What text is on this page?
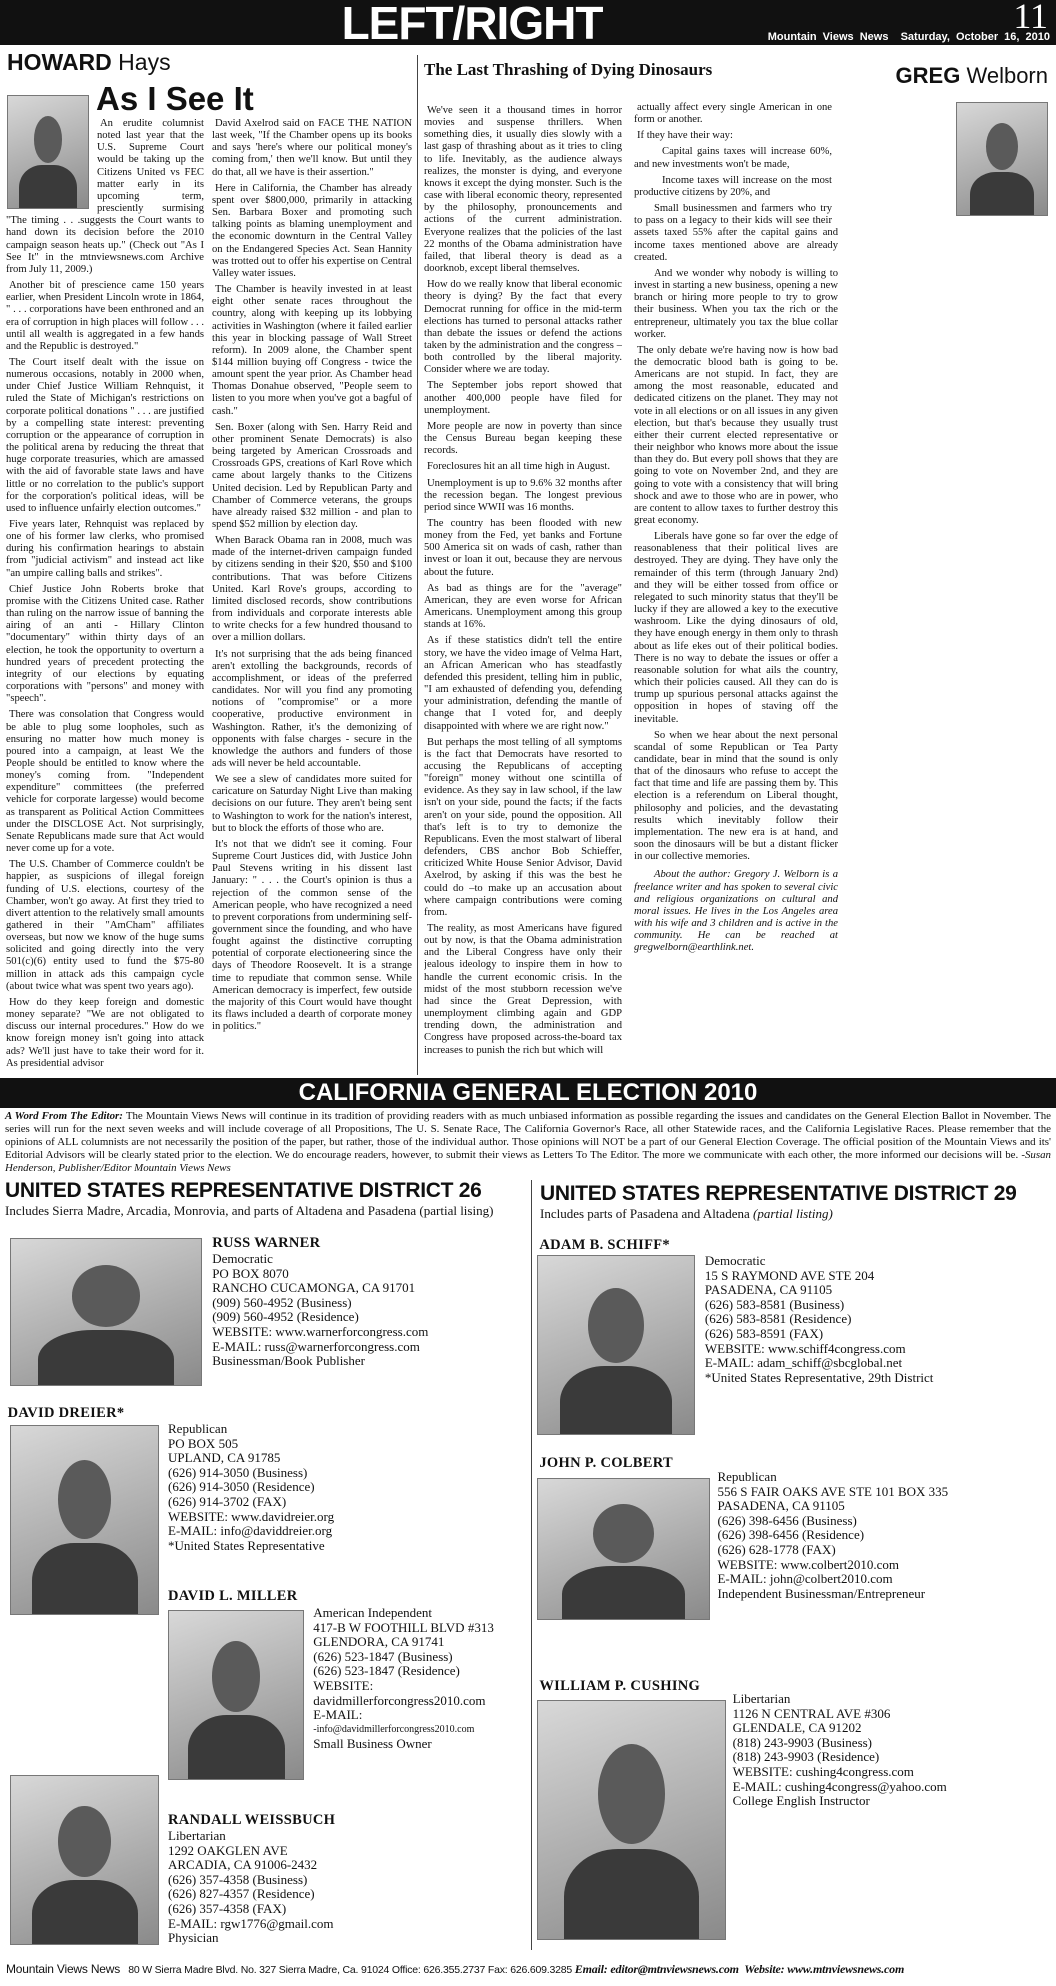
LEFT/RIGHT	11
Mountain Views News Saturday, October 16, 2010
HOWARD Hays
As I See It

An erudite columnist noted last year that the U.S. Supreme Court would be taking up the Citizens United vs FEC matter early in its upcoming term, presciently surmising "The timing . . .suggests the Court wants to hand down its decision before the 2010 campaign season heats up." (Check out "As I See It" in the mtnviewsnews.com Archive from July 11, 2009.)

Another bit of prescience came 150 years earlier, when President Lincoln wrote in 1864, " . . . corporations have been enthroned and an era of corruption in high places will follow . . . until all wealth is aggregated in a few hands and the Republic is destroyed."

The Court itself dealt with the issue on numerous occasions, notably in 2000 when, under Chief Justice William Rehnquist, it ruled the State of Michigan's restrictions on corporate political donations " . . . are justified by a compelling state interest: preventing corruption or the appearance of corruption in the political arena by reducing the threat that huge corporate treasuries, which are amassed with the aid of favorable state laws and have little or no correlation to the public's support for the corporation's political ideas, will be used to influence unfairly election outcomes."

Five years later, Rehnquist was replaced by one of his former law clerks, who promised during his confirmation hearings to abstain from "judicial activism" and instead act like "an umpire calling balls and strikes".

Chief Justice John Roberts broke that promise with the Citizens United case. Rather than ruling on the narrow issue of banning the airing of an anti - Hillary Clinton "documentary" within thirty days of an election, he took the opportunity to overturn a hundred years of precedent protecting the integrity of our elections by equating corporations with "persons" and money with "speech".

There was consolation that Congress would be able to plug some loopholes, such as ensuring no matter how much money is poured into a campaign, at least We the People should be entitled to know where the money's coming from. "Independent expenditure" committees (the preferred vehicle for corporate largesse) would become as transparent as Political Action Committees under the DISCLOSE Act. Not surprisingly, Senate Republicans made sure that Act would never come up for a vote.

The U.S. Chamber of Commerce couldn't be happier, as suspicions of illegal foreign funding of U.S. elections, courtesy of the Chamber, won't go away. At first they tried to divert attention to the relatively small amounts gathered in their "AmCham" affiliates overseas, but now we know of the huge sums solicited and going directly into the very 501(c)(6) entity used to fund the $75-80 million in attack ads this campaign cycle (about twice what was spent two years ago).

How do they keep foreign and domestic money separate? "We are not obligated to discuss our internal procedures." How do we know foreign money isn't going into attack ads? We'll just have to take their word for it. As presidential advisor

David Axelrod said on FACE THE NATION last week, "If the Chamber opens up its books and says 'here's where our political money's coming from,' then we'll know. But until they do that, all we have is their assertion."

Here in California, the Chamber has already spent over $800,000, primarily in attacking Sen. Barbara Boxer and promoting such talking points as blaming unemployment and the economic downturn in the Central Valley on the Endangered Species Act. Sean Hannity was trotted out to offer his expertise on Central Valley water issues.

The Chamber is heavily invested in at least eight other senate races throughout the country, along with keeping up its lobbying activities in Washington (where it failed earlier this year in blocking passage of Wall Street reform). In 2009 alone, the Chamber spent $144 million buying off Congress - twice the amount spent the year prior. As Chamber head Thomas Donahue observed, "People seem to listen to you more when you've got a bagful of cash."

Sen. Boxer (along with Sen. Harry Reid and other prominent Senate Democrats) is also being targeted by American Crossroads and Crossroads GPS, creations of Karl Rove which came about largely thanks to the Citizens United decision. Led by Republican Party and Chamber of Commerce veterans, the groups have already raised $32 million - and plan to spend $52 million by election day.

When Barack Obama ran in 2008, much was made of the internet-driven campaign funded by citizens sending in their $20, $50 and $100 contributions. That was before Citizens United. Karl Rove's groups, according to limited disclosed records, show contributions from individuals and corporate interests able to write checks for a few hundred thousand to over a million dollars.

It's not surprising that the ads being financed aren't extolling the backgrounds, records of accomplishment, or ideas of the preferred candidates. Nor will you find any promoting notions of "compromise" or a more cooperative, productive environment in Washington. Rather, it's the demonizing of opponents with false charges - secure in the knowledge the authors and funders of those ads will never be held accountable.

We see a slew of candidates more suited for caricature on Saturday Night Live than making decisions on our future. They aren't being sent to Washington to work for the nation's interest, but to block the efforts of those who are.

It's not that we didn't see it coming. Four Supreme Court Justices did, with Justice John Paul Stevens writing in his dissent last January: " . . . the Court's opinion is thus a rejection of the common sense of the American people, who have recognized a need to prevent corporations from undermining self-government since the founding, and who have fought against the distinctive corrupting potential of corporate electioneering since the days of Theodore Roosevelt. It is a strange time to repudiate that common sense. While American democracy is imperfect, few outside the majority of this Court would have thought its flaws included a dearth of corporate money in politics."

The Last Thrashing of Dying Dinosaurs	GREG Welborn

We've seen it a thousand times in horror movies and suspense thrillers. When something dies, it usually dies slowly with a last gasp of thrashing about as it tries to cling to life. Inevitably, as the audience always realizes, the monster is dying, and everyone knows it except the dying monster. Such is the case with liberal economic theory, represented by the philosophy, pronouncements and actions of the current administration. Everyone realizes that the policies of the last 22 months of the Obama administration have failed, that liberal theory is dead as a doorknob, except liberal themselves.

How do we really know that liberal economic theory is dying? By the fact that every Democrat running for office in the mid-term elections has turned to personal attacks rather than debate the issues or defend the actions taken by the administration and the congress – both controlled by the liberal majority. Consider where we are today.

The September jobs report showed that another 400,000 people have filed for unemployment.

More people are now in poverty than since the Census Bureau began keeping these records.

Foreclosures hit an all time high in August.

Unemployment is up to 9.6% 32 months after the recession began. The longest previous period since WWII was 16 months.

The country has been flooded with new money from the Fed, yet banks and Fortune 500 America sit on wads of cash, rather than invest or loan it out, because they are nervous about the future.

As bad as things are for the "average" American, they are even worse for African Americans. Unemployment among this group stands at 16%.

As if these statistics didn't tell the entire story, we have the video image of Velma Hart, an African American who has steadfastly defended this president, telling him in public, "I am exhausted of defending you, defending your administration, defending the mantle of change that I voted for, and deeply disappointed with where we are right now."

But perhaps the most telling of all symptoms is the fact that Democrats have resorted to accusing the Republicans of accepting "foreign" money without one scintilla of evidence. As they say in law school, if the law isn't on your side, pound the facts; if the facts aren't on your side, pound the opposition. All that's left is to try to demonize the Republicans. Even the most stalwart of liberal defenders, CBS anchor Bob Schieffer, criticized White House Senior Advisor, David Axelrod, by asking if this was the best he could do –to make up an accusation about where campaign contributions were coming from.

The reality, as most Americans have figured out by now, is that the Obama administration and the Liberal Congress have only their jealous ideology to inspire them in how to handle the current economic crisis. In the midst of the most stubborn recession we've had since the Great Depression, with unemployment climbing again and GDP trending down, the administration and Congress have proposed across-the-board tax increases to punish the rich but which will

actually affect every single American in one form or another.

If they have their way:

Capital gains taxes will increase 60%, and new investments won't be made,

Income taxes will increase on the most productive citizens by 20%, and

Small businessmen and farmers who try to pass on a legacy to their kids will see their assets taxed 55% after the capital gains and income taxes mentioned above are already created.

And we wonder why nobody is willing to invest in starting a new business, opening a new branch or hiring more people to try to grow their business. When you tax the rich or the entrepreneur, ultimately you tax the blue collar worker.

The only debate we're having now is how bad the democratic blood bath is going to be. Americans are not stupid. In fact, they are among the most reasonable, educated and dedicated citizens on the planet. They may not vote in all elections or on all issues in any given election, but that's because they usually trust either their current elected representative or their neighbor who knows more about the issue than they do. But every poll shows that they are going to vote on November 2nd, and they are going to vote with a consistency that will bring shock and awe to those who are in power, who are content to allow taxes to further destroy this great economy.

Liberals have gone so far over the edge of reasonableness that their political lives are destroyed. They are dying. They have only the remainder of this term (through January 2nd) and they will be either tossed from office or relegated to such minority status that they'll be lucky if they are allowed a key to the executive washroom. Like the dying dinosaurs of old, they have enough energy in them only to thrash about as life ekes out of their political bodies. There is no way to debate the issues or offer a reasonable solution for what ails the country, which their policies caused. All they can do is trump up spurious personal attacks against the opposition in hopes of staving off the inevitable.

So when we hear about the next personal scandal of some Republican or Tea Party candidate, bear in mind that the sound is only that of the dinosaurs who refuse to accept the fact that time and life are passing them by. This election is a referendum on Liberal thought, philosophy and policies, and the devastating results which inevitably follow their implementation. The new era is at hand, and soon the dinosaurs will be but a distant flicker in our collective memories.

About the author: Gregory J. Welborn is a freelance writer and has spoken to several civic and religious organizations on cultural and moral issues. He lives in the Los Angeles area with his wife and 3 children and is active in the community. He can be reached at gregwelborn@earthlink.net.

CALIFORNIA GENERAL ELECTION 2010
A Word From The Editor: The Mountain Views News will continue in its tradition of providing readers with as much unbiased information as possible regarding the issues and candidates on the General Election Ballot in November. The series will run for the next seven weeks and will include coverage of all Propositions, The U. S. Senate Race, The California Governor's Race, all other Statewide races, and the California Legislative Races. Please remember that the opinions of ALL columnists are not necessarily the position of the paper, but rather, those of the individual author. Those opinions will NOT be a part of our General Election Coverage. The official position of the Mountain Views and its' Editorial Advisors will be clearly stated prior to the election. We do encourage readers, however, to submit their views as Letters To The Editor. The more we communicate with each other, the more informed our decisions will be. -Susan Henderson, Publisher/Editor Mountain Views News
UNITED STATES REPRESENTATIVE DISTRICT 26
Includes Sierra Madre, Arcadia, Monrovia, and parts of Altadena and Pasadena (partial lising)
UNITED STATES REPRESENTATIVE DISTRICT 29
Includes parts of Pasadena and Altadena (partial listing)
RUSS WARNER
Democratic
PO BOX 8070
RANCHO CUCAMONGA, CA 91701
(909) 560-4952 (Business)
(909) 560-4952 (Residence)
WEBSITE: www.warnerforcongress.com
E-MAIL: russ@warnerforcongress.com
Businessman/Book Publisher
DAVID DREIER*
Republican
PO BOX 505
UPLAND, CA 91785
(626) 914-3050 (Business)
(626) 914-3050 (Residence)
(626) 914-3702 (FAX)
WEBSITE: www.davidreier.org
E-MAIL: info@daviddreier.org
*United States Representative
DAVID L. MILLER
American Independent
417-B W FOOTHILL BLVD #313
GLENDORA, CA 91741
(626) 523-1847 (Business)
(626) 523-1847 (Residence)
WEBSITE:
davidmillerforcongress2010.com
E-MAIL:
-info@davidmillerforcongress2010.com
Small Business Owner
RANDALL WEISSBUCH
Libertarian
1292 OAKGLEN AVE
ARCADIA, CA 91006-2432
(626) 357-4358 (Business)
(626) 827-4357 (Residence)
(626) 357-4358 (FAX)
E-MAIL: rgw1776@gmail.com
Physician
ADAM B. SCHIFF*
Democratic
15 S RAYMOND AVE STE 204
PASADENA, CA 91105
(626) 583-8581 (Business)
(626) 583-8581 (Residence)
(626) 583-8591 (FAX)
WEBSITE: www.schiff4congress.com
E-MAIL: adam_schiff@sbcglobal.net
*United States Representative, 29th District
JOHN P. COLBERT
Republican
556 S FAIR OAKS AVE STE 101 BOX 335
PASADENA, CA 91105
(626) 398-6456 (Business)
(626) 398-6456 (Residence)
(626) 628-1778 (FAX)
WEBSITE: www.colbert2010.com
E-MAIL: john@colbert2010.com
Independent Businessman/Entrepreneur
WILLIAM P. CUSHING
Libertarian
1126 N CENTRAL AVE #306
GLENDALE, CA 91202
(818) 243-9903 (Business)
(818) 243-9903 (Residence)
WEBSITE: cushing4congress.com
E-MAIL: cushing4congress@yahoo.com
College English Instructor
Mountain Views News 80 W Sierra Madre Blvd. No. 327 Sierra Madre, Ca. 91024 Office: 626.355.2737 Fax: 626.609.3285 Email: editor@mtnviewsnews.com Website: www.mtnviewsnews.com
